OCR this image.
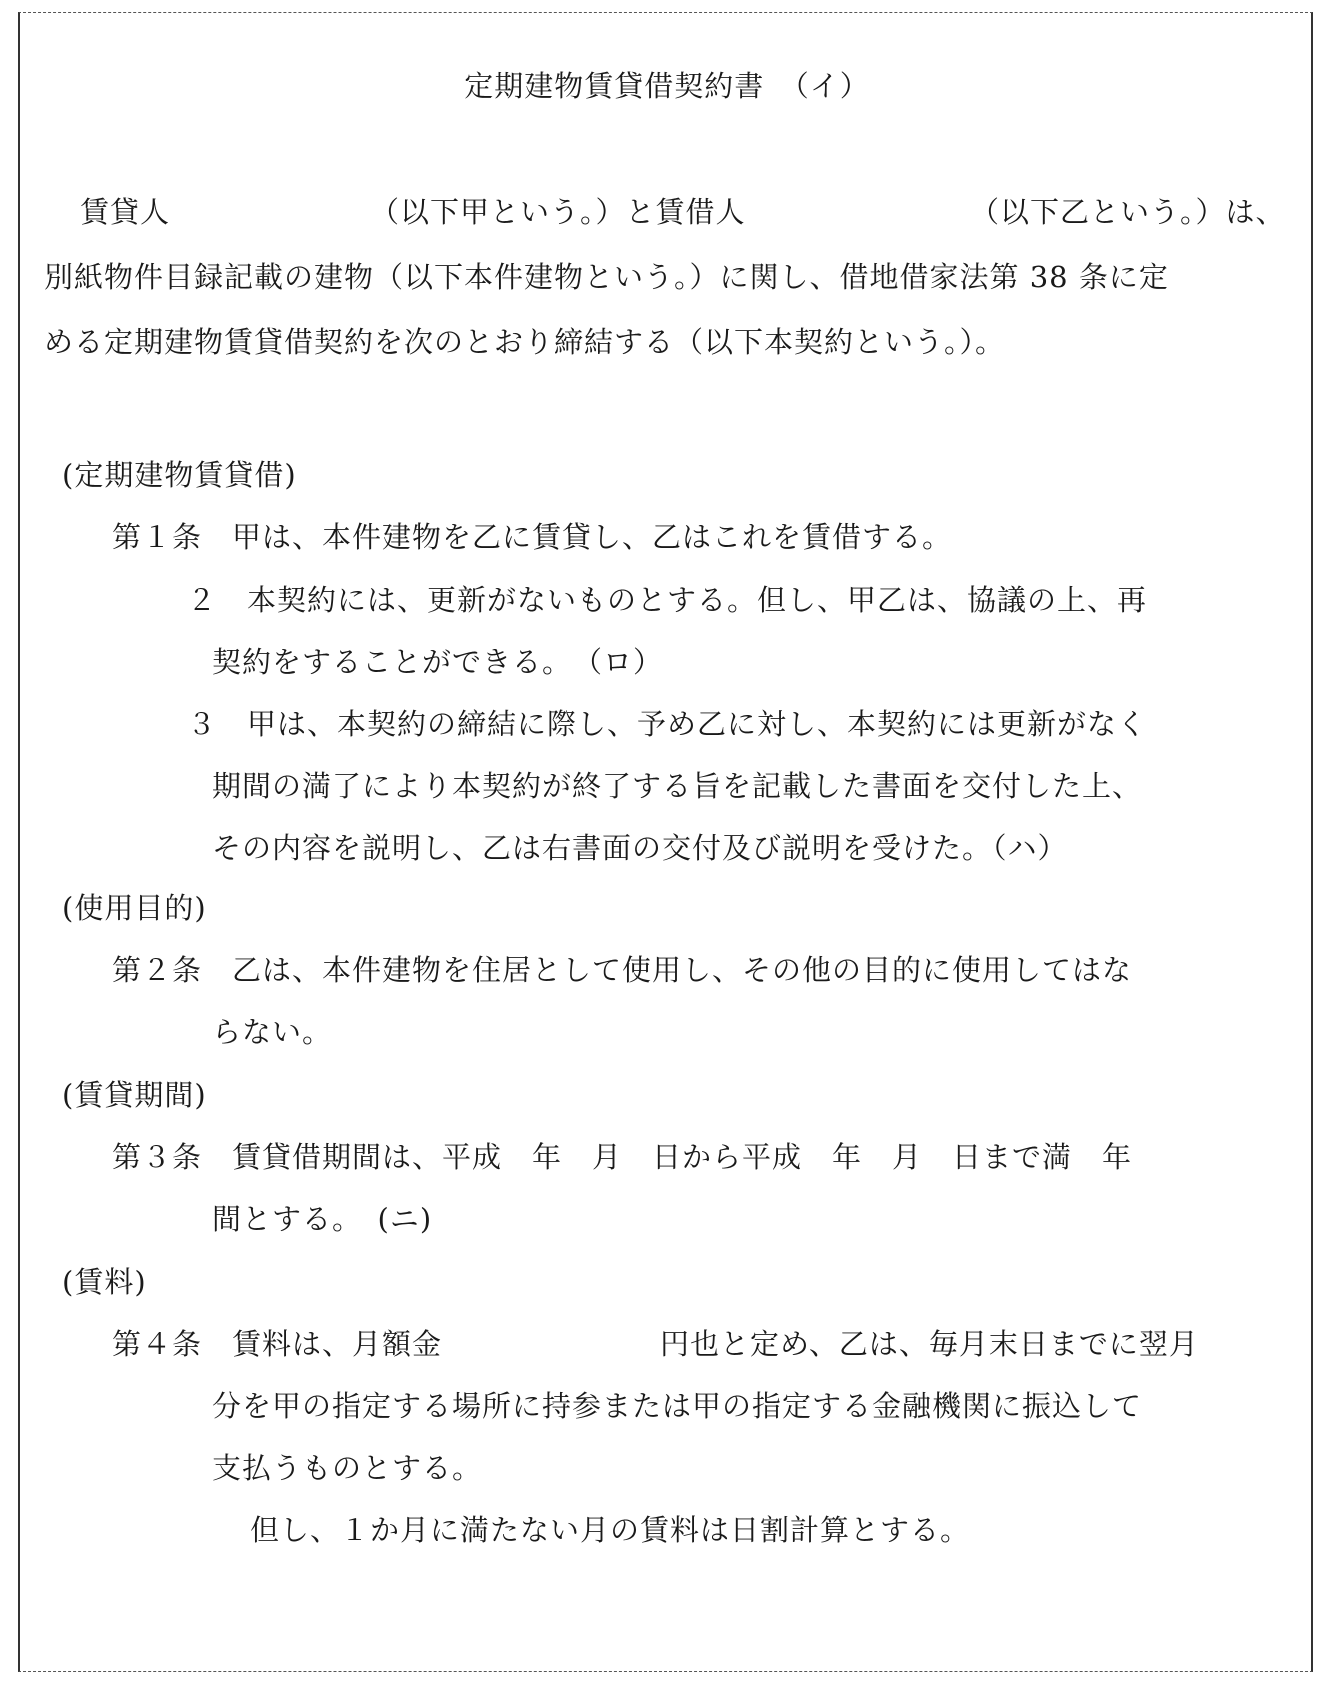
定期建物賃貸借契約書　（イ）
賃貸人	（以下甲という。）と賃借人	（以下乙という。）は、
別紙物件目録記載の建物（以下本件建物という。）に関し、借地借家法第 38 条に定
める定期建物賃貸借契約を次のとおり締結する（以下本契約という。）。
(定期建物賃貸借)
第１条　甲は、本件建物を乙に賃貸し、乙はこれを賃借する。
２　本契約には、更新がないものとする。但し、甲乙は、協議の上、再
契約をすることができる。　（ロ）
３　甲は、本契約の締結に際し、予め乙に対し、本契約には更新がなく
期間の満了により本契約が終了する旨を記載した書面を交付した上、
その内容を説明し、乙は右書面の交付及び説明を受けた。（ハ）
(使用目的)
第２条　乙は、本件建物を住居として使用し、その他の目的に使用してはな
らない。
(賃貸期間)
第３条　賃貸借期間は、平成　年　月　日から平成　年　月　日まで満　年
間とする。　(ニ)
(賃料)
第４条　賃料は、月額金	円也と定め、乙は、毎月末日までに翌月
分を甲の指定する場所に持参または甲の指定する金融機関に振込して
支払うものとする。
但し、１か月に満たない月の賃料は日割計算とする。
